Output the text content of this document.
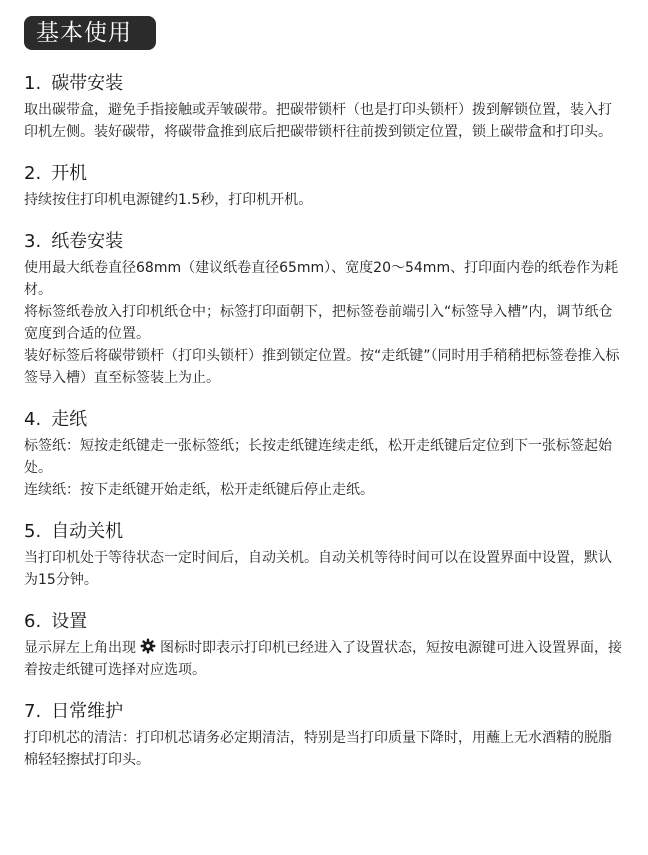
基本使用
1. 碳带安装

取出碳带盒，避免手指接触或弄皱碳带。把碳带锁杆（也是打印头锁杆）拨到解锁位置，装入打印机左侧。装好碳带，将碳带盒推到底后把碳带锁杆往前拨到锁定位置，锁上碳带盒和打印头。

2. 开机

持续按住打印机电源键约1.5秒，打印机开机。

3. 纸卷安装

使用最大纸卷直径68mm（建议纸卷直径65mm）、宽度20～54mm、打印面内卷的纸卷作为耗材。

将标签纸卷放入打印机纸仓中；标签打印面朝下，把标签卷前端引入“标签导入槽”内，调节纸仓宽度到合适的位置。

装好标签后将碳带锁杆（打印头锁杆）推到锁定位置。按“走纸键”（同时用手稍稍把标签卷推入标签导入槽）直至标签装上为止。

4. 走纸

标签纸：短按走纸键走一张标签纸；长按走纸键连续走纸，松开走纸键后定位到下一张标签起始处。

连续纸：按下走纸键开始走纸，松开走纸键后停止走纸。

5. 自动关机

当打印机处于等待状态一定时间后，自动关机。自动关机等待时间可以在设置界面中设置，默认为15分钟。

6. 设置

显示屏左上角出现 图标时即表示打印机已经进入了设置状态，短按电源键可进入设置界面，接着按走纸键可选择对应选项。

7. 日常维护

打印机芯的清洁：打印机芯请务必定期清洁，特别是当打印质量下降时，用蘸上无水酒精的脱脂棉轻轻擦拭打印头。
